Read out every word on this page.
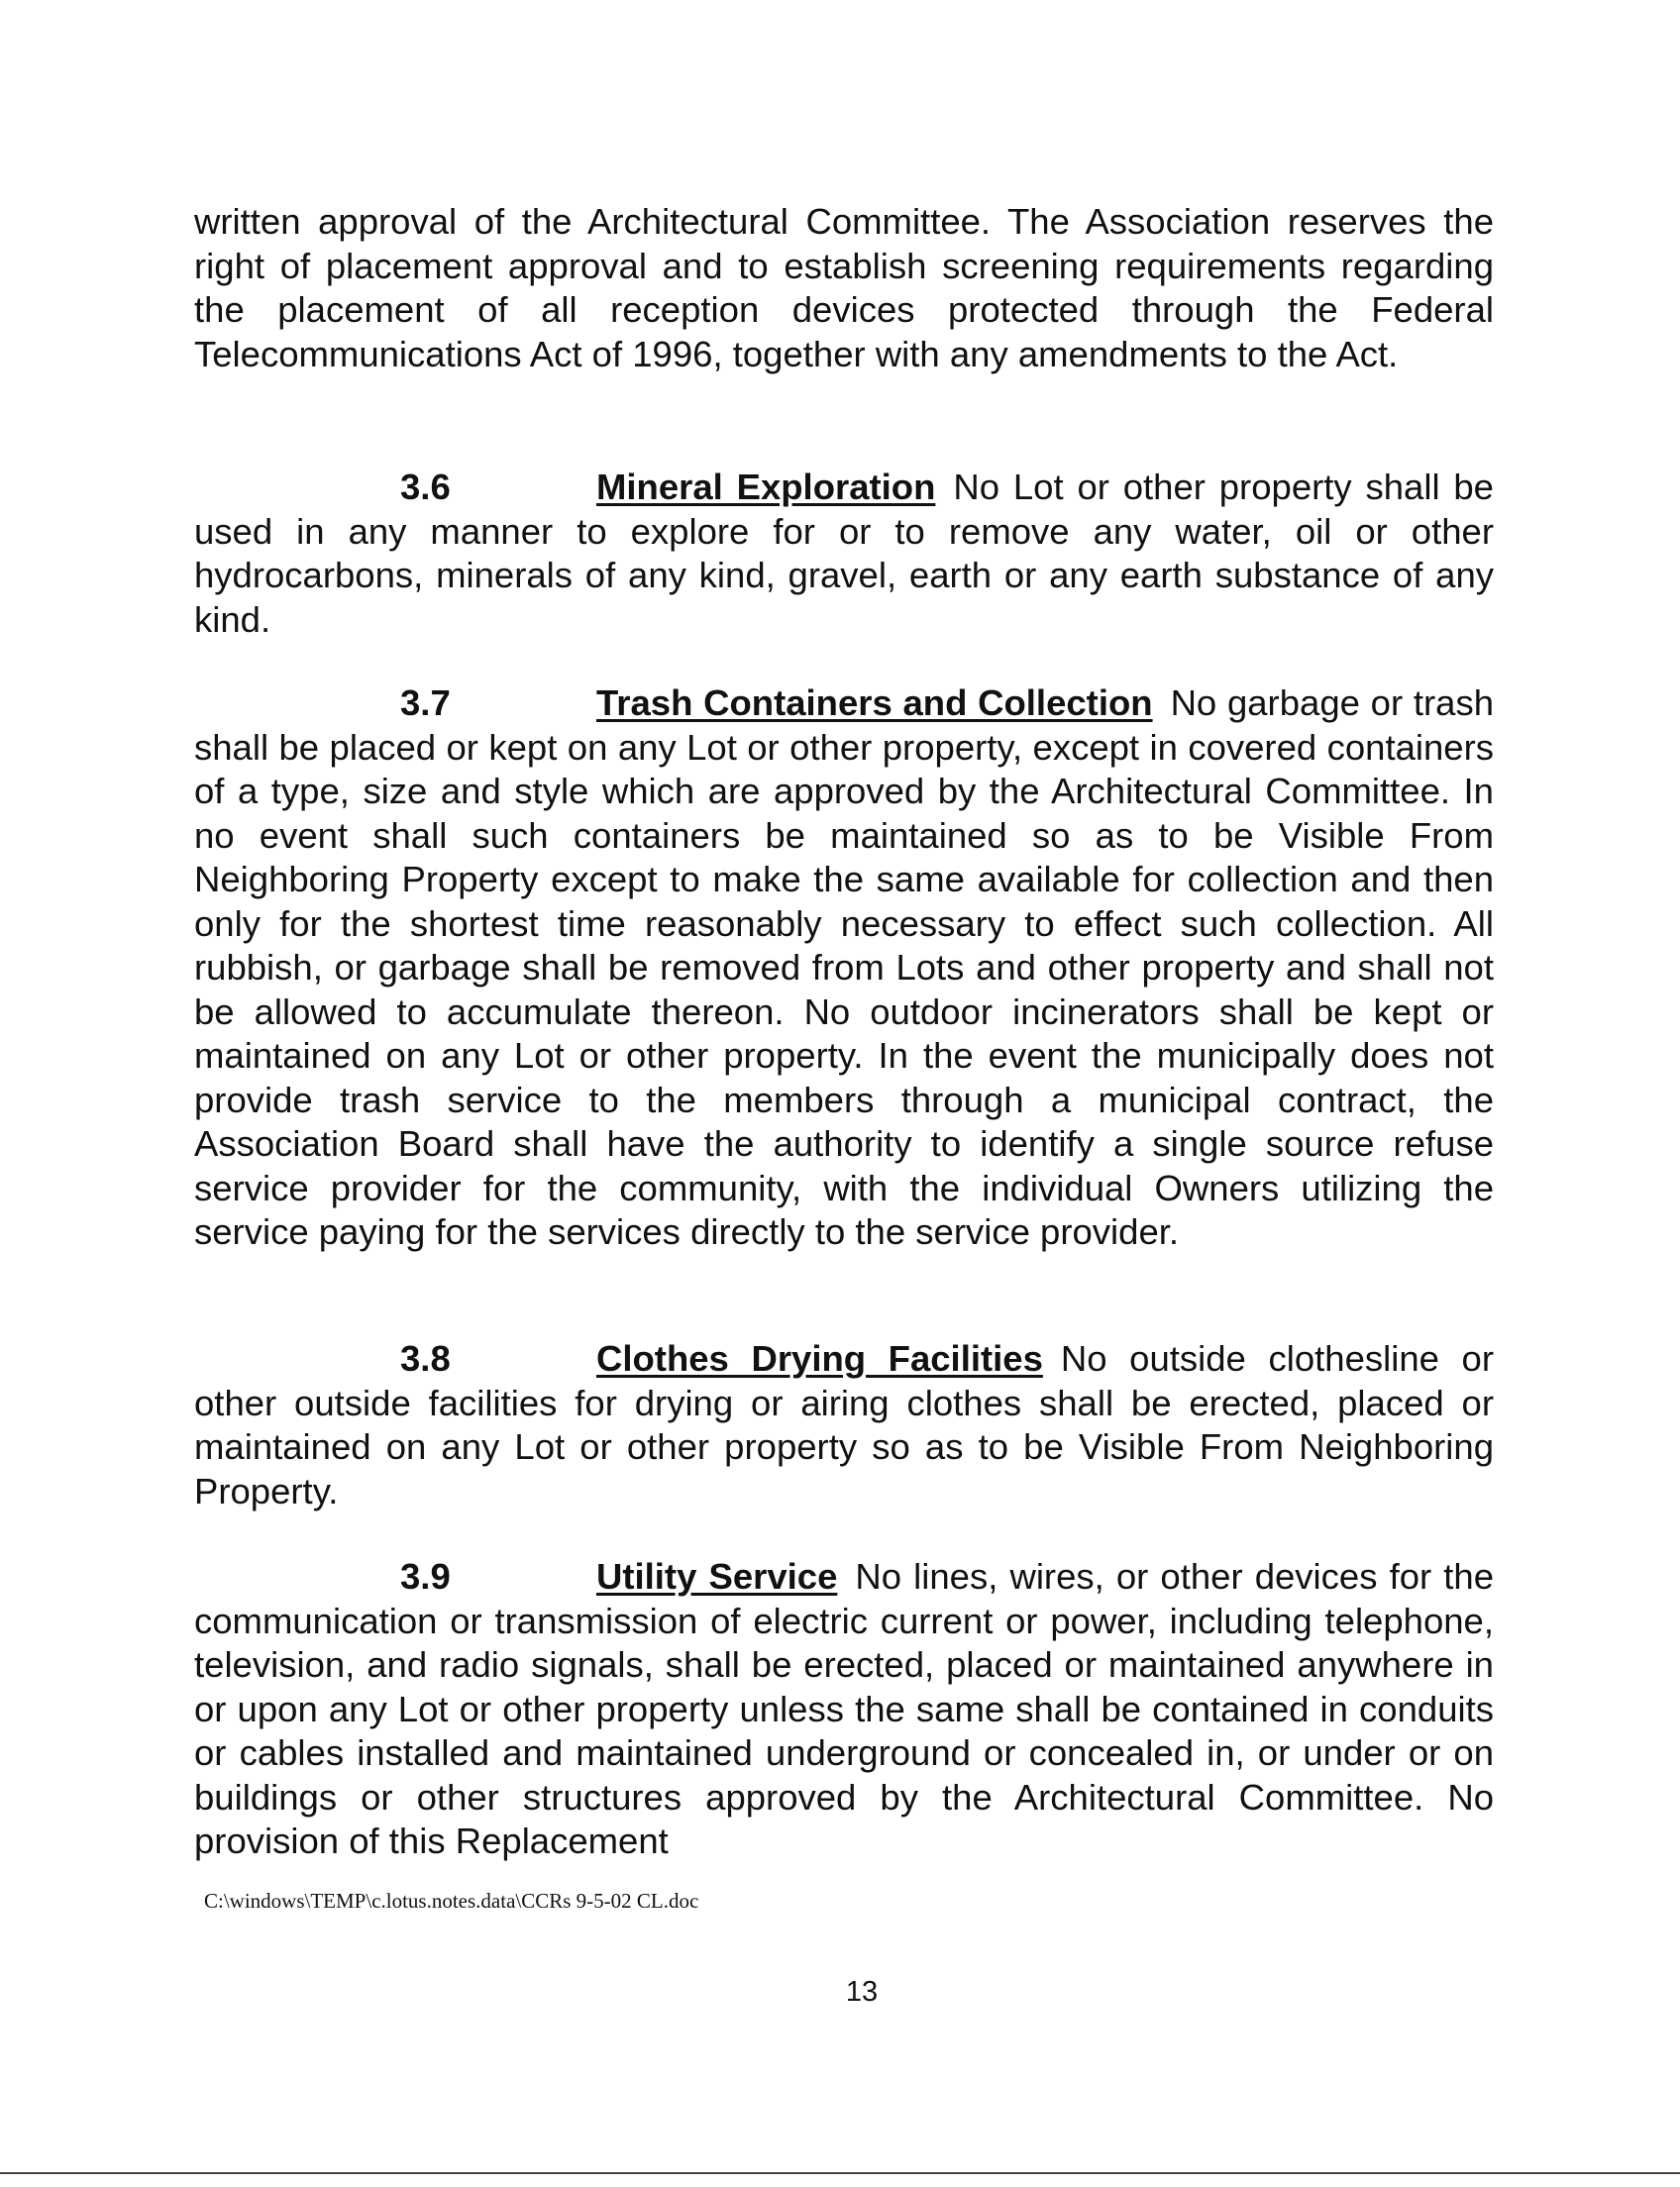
written approval of the Architectural Committee. The Association reserves the right of placement approval and to establish screening requirements regarding the placement of all reception devices protected through the Federal Telecommunications Act of 1996, together with any amendments to the Act.

3.6	Mineral Exploration No Lot or other property shall be used in any manner to explore for or to remove any water, oil or other hydrocarbons, minerals of any kind, gravel, earth or any earth substance of any kind.

3.7	Trash Containers and Collection No garbage or trash shall be placed or kept on any Lot or other property, except in covered containers of a type, size and style which are approved by the Architectural Committee. In no event shall such containers be maintained so as to be Visible From Neighboring Property except to make the same available for collection and then only for the shortest time reasonably necessary to effect such collection. All rubbish, or garbage shall be removed from Lots and other property and shall not be allowed to accumulate thereon. No outdoor incinerators shall be kept or maintained on any Lot or other property. In the event the municipally does not provide trash service to the members through a municipal contract, the Association Board shall have the authority to identify a single source refuse service provider for the community, with the individual Owners utilizing the service paying for the services directly to the service provider.

3.8	Clothes Drying Facilities No outside clothesline or other outside facilities for drying or airing clothes shall be erected, placed or maintained on any Lot or other property so as to be Visible From Neighboring Property.

3.9	Utility Service No lines, wires, or other devices for the communication or transmission of electric current or power, including telephone, television, and radio signals, shall be erected, placed or maintained anywhere in or upon any Lot or other property unless the same shall be contained in conduits or cables installed and maintained underground or concealed in, or under or on buildings or other structures approved by the Architectural Committee. No provision of this Replacement

C:\windows\TEMP\c.lotus.notes.data\CCRs 9-5-02 CL.doc
13
